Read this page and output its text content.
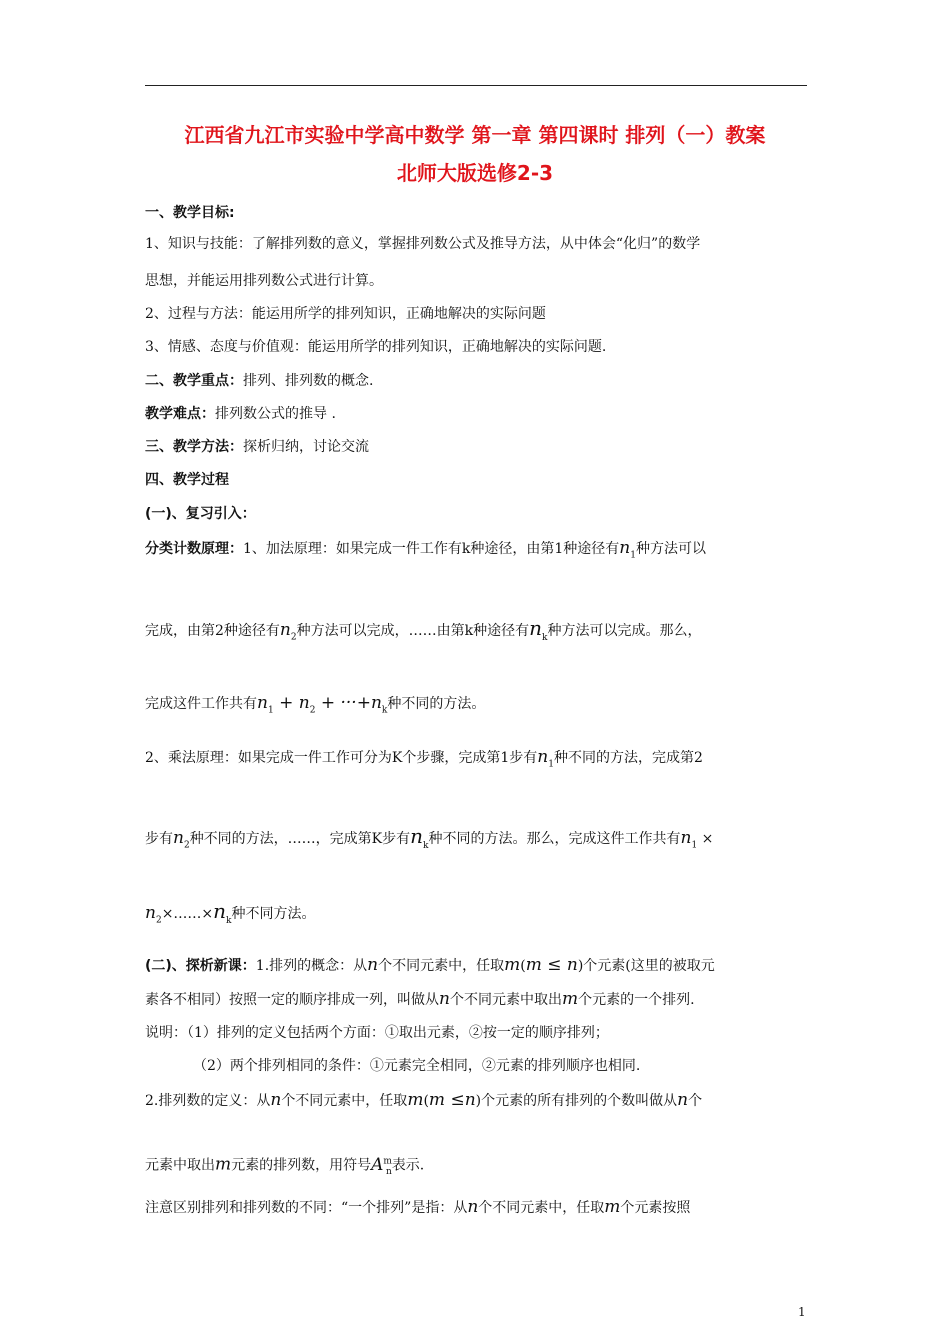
江西省九江市实验中学高中数学 第一章 第四课时 排列（一）教案
北师大版选修2-3
一、教学目标:
1、知识与技能：了解排列数的意义，掌握排列数公式及推导方法，从中体会“化归”的数学
思想，并能运用排列数公式进行计算。
2、过程与方法：能运用所学的排列知识，正确地解决的实际问题
3、情感、态度与价值观：能运用所学的排列知识，正确地解决的实际问题.
二、教学重点：排列、排列数的概念.
教学难点：排列数公式的推导 .
三、教学方法：探析归纳，讨论交流
四、教学过程
(一)、复习引入：
分类计数原理：1、加法原理：如果完成一件工作有k种途径，由第1种途径有$n_1$种方法可以
完成，由第2种途径有$n_2$种方法可以完成，……由第k种途径有$n_k$种方法可以完成。那么，
完成这件工作共有$n_1 + n_2 + \cdot\cdot\cdot+n_k$种不同的方法。
2、乘法原理：如果完成一件工作可分为K个步骤，完成第1步有$n_1$种不同的方法，完成第2
步有$n_2$种不同的方法，……，完成第K步有$n_k$种不同的方法。那么，完成这件工作共有$n_1$ ×
$n_2\times\dots\dots\times n_k$种不同方法。
(二)、探析新课：1.排列的概念：从n个不同元素中，任取m(m ≤ n)个元素(这里的被取元
素各不相同）按照一定的顺序排成一列，叫做从n个不同元素中取出m个元素的一个排列.
说明：（1）排列的定义包括两个方面：①取出元素，②按一定的顺序排列；
（2）两个排列相同的条件：①元素完全相同，②元素的排列顺序也相同.
2.排列数的定义：从n个不同元素中，任取m(m ≤n)个元素的所有排列的个数叫做从n个
元素中取出m元素的排列数，用符号$A^m_n$表示.
注意区别排列和排列数的不同：“一个排列”是指：从n个不同元素中，任取m个元素按照
1
